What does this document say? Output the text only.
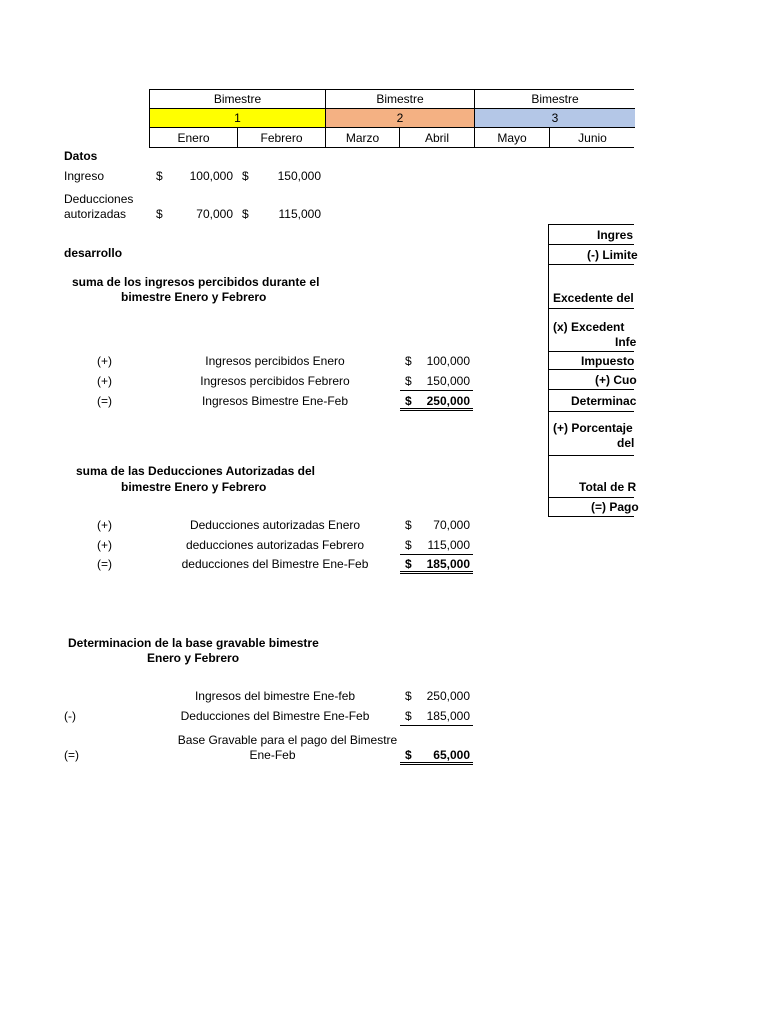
Bimestre	Bimestre	Bimestre
1	2	3
Enero	Febrero	Marzo	Abril	Mayo	Junio
Datos
Ingreso	$	100,000 $	150,000
Deducciones
autorizadas $	70,000 $	115,000
desarrollo
suma de los ingresos percibidos durante el
bimestre Enero y Febrero
(+)	Ingresos percibidos Enero	$	100,000
(+)	Ingresos percibidos Febrero	$	150,000
(=)	Ingresos Bimestre Ene-Feb	$	250,000
suma de las Deducciones Autorizadas del
bimestre Enero y Febrero
(+)	Deducciones autorizadas Enero	$	70,000
(+)	deducciones autorizadas Febrero	$	115,000
(=)	deducciones del Bimestre Ene-Feb	$	185,000
Determinacion de la base gravable bimestre
Enero y Febrero
Ingresos del bimestre Ene-feb	$	250,000
(-)	Deducciones del Bimestre Ene-Feb	$	185,000
Base Gravable para el pago del Bimestre
Ene-Feb
(=)	$	65,000
Ingres
(-) Limite
Excedente del
(x) Excedent
Infe
Impuesto
(+) Cuo
Determinac
(+) Porcentaje
del
Total de R
(=) Pago
